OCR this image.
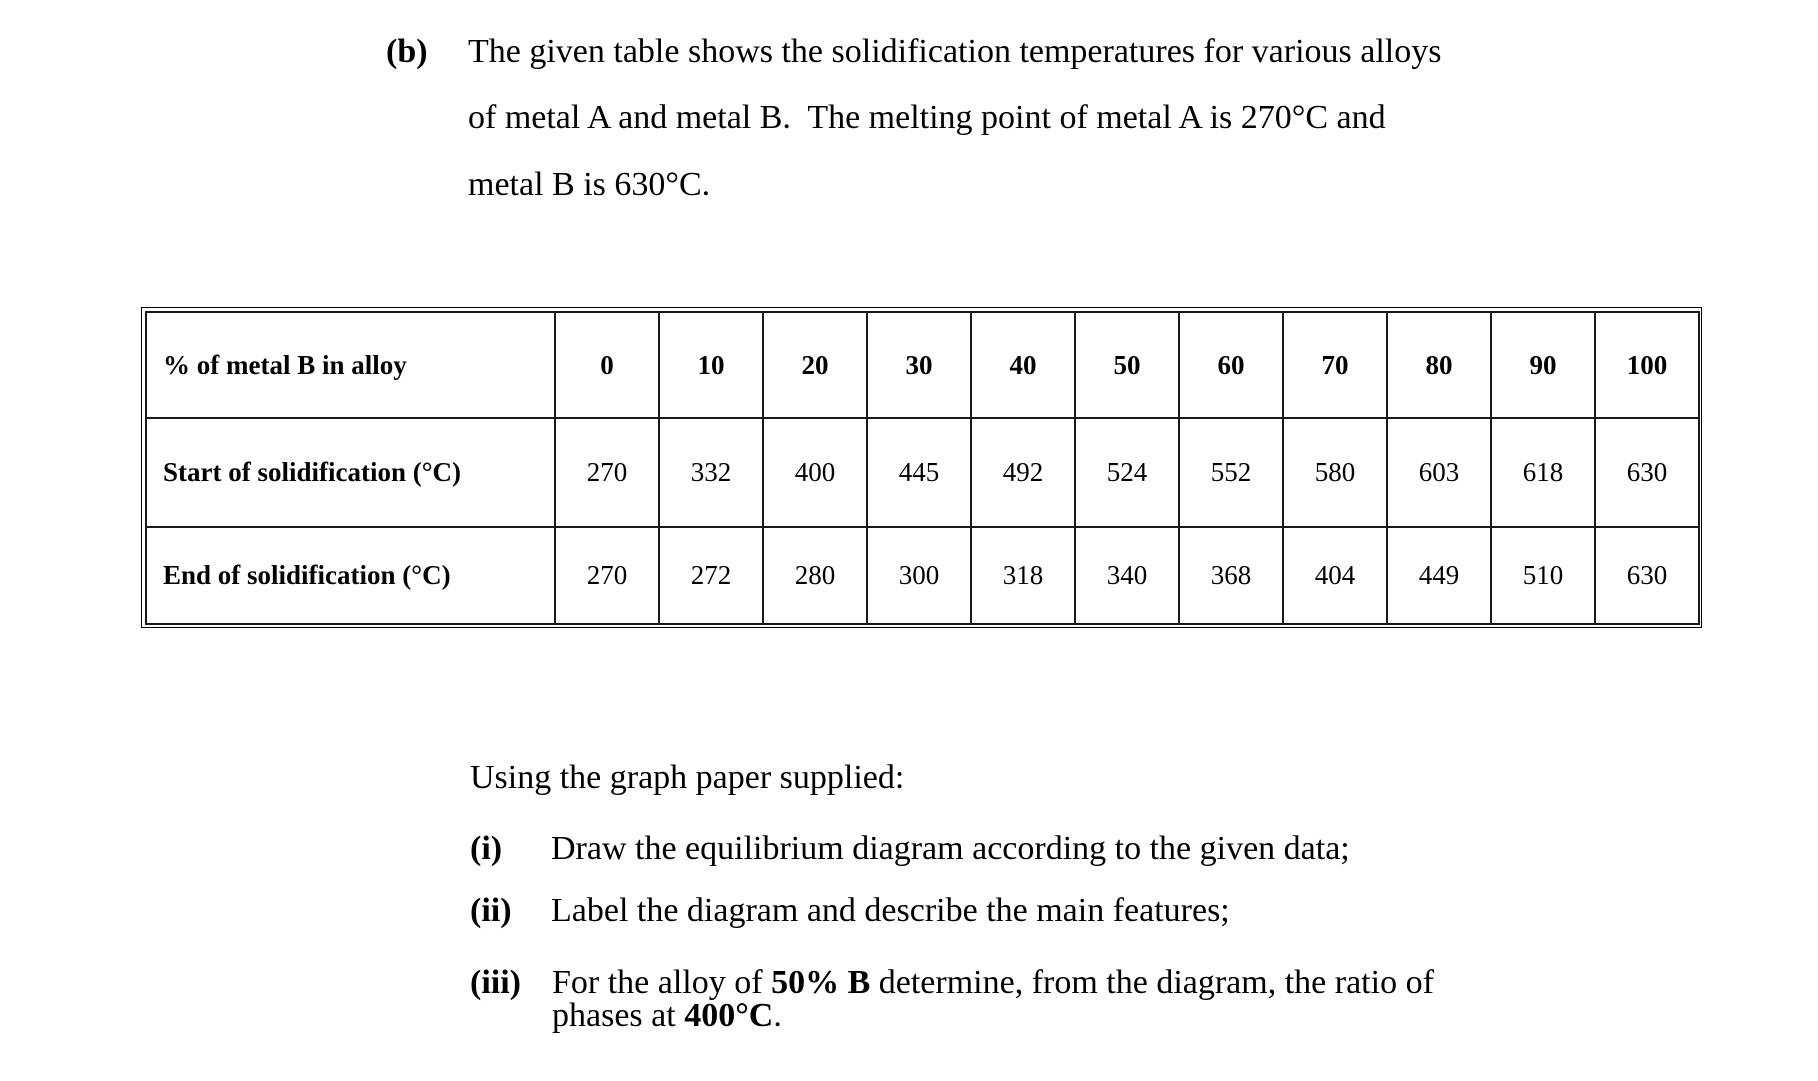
(b) The given table shows the solidification temperatures for various alloys
of metal A and metal B.  The melting point of metal A is 270°C and
metal B is 630°C.
% of metal B in alloy	0	10	20	30	40	50	60	70	80	90	100
Start of solidification (°C)	270	332	400	445	492	524	552	580	603	618	630
End of solidification (°C)	270	272	280	300	318	340	368	404	449	510	630
Using the graph paper supplied:
(i) Draw the equilibrium diagram according to the given data;
(ii) Label the diagram and describe the main features;
(iii) For the alloy of 50% B determine, from the diagram, the ratio of
phases at 400°C.
